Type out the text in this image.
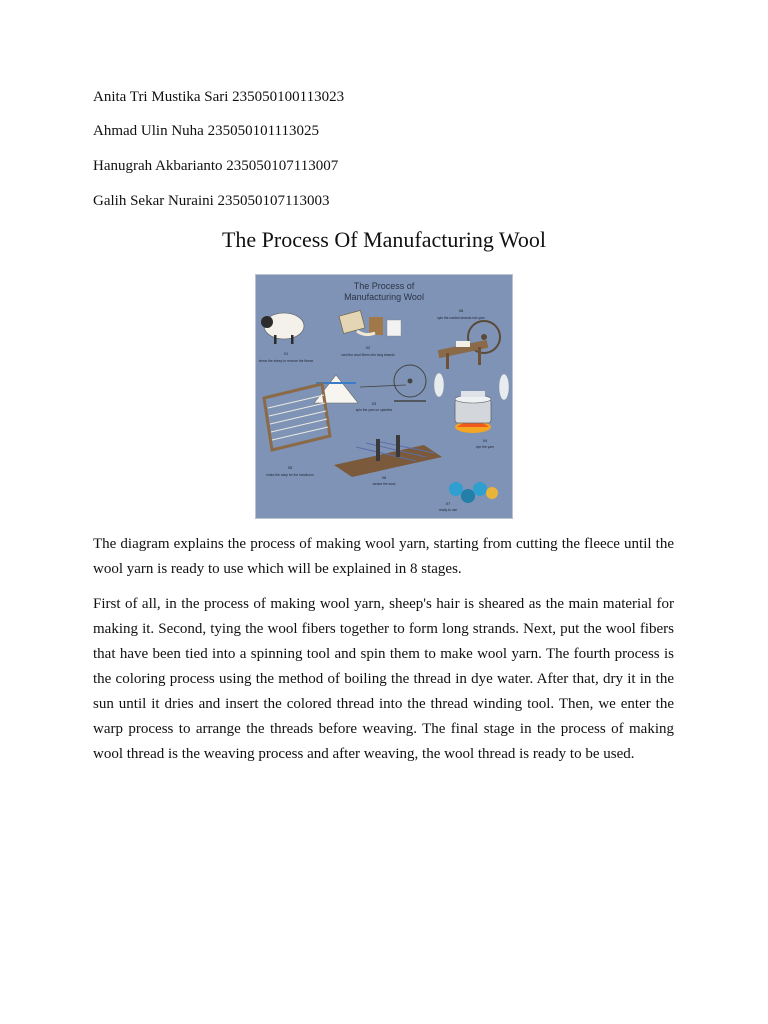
Anita Tri Mustika Sari 235050100113023
Ahmad Ulin Nuha 235050101113025
Hanugrah Akbarianto 235050107113007
Galih Sekar Nuraini 235050107113003
The Process Of Manufacturing Wool
The Process of
Manufacturing Wool
01
shear the sheep to remove the fleece
02
card the wool fibers into long strands
08
spin the carded strands into yarn
03
spin the yarn on spindles
04
dye the yarn
05
make the warp for the handloom	06
weave the wool
07
ready to use

The diagram explains the process of making wool yarn, starting from cutting the fleece until the wool yarn is ready to use which will be explained in 8 stages.

First of all, in the process of making wool yarn, sheep's hair is sheared as the main material for making it. Second, tying the wool fibers together to form long strands. Next, put the wool fibers that have been tied into a spinning tool and spin them to make wool yarn. The fourth process is the coloring process using the method of boiling the thread in dye water. After that, dry it in the sun until it dries and insert the colored thread into the thread winding tool. Then, we enter the warp process to arrange the threads before weaving. The final stage in the process of making wool thread is the weaving process and after weaving, the wool thread is ready to be used.
